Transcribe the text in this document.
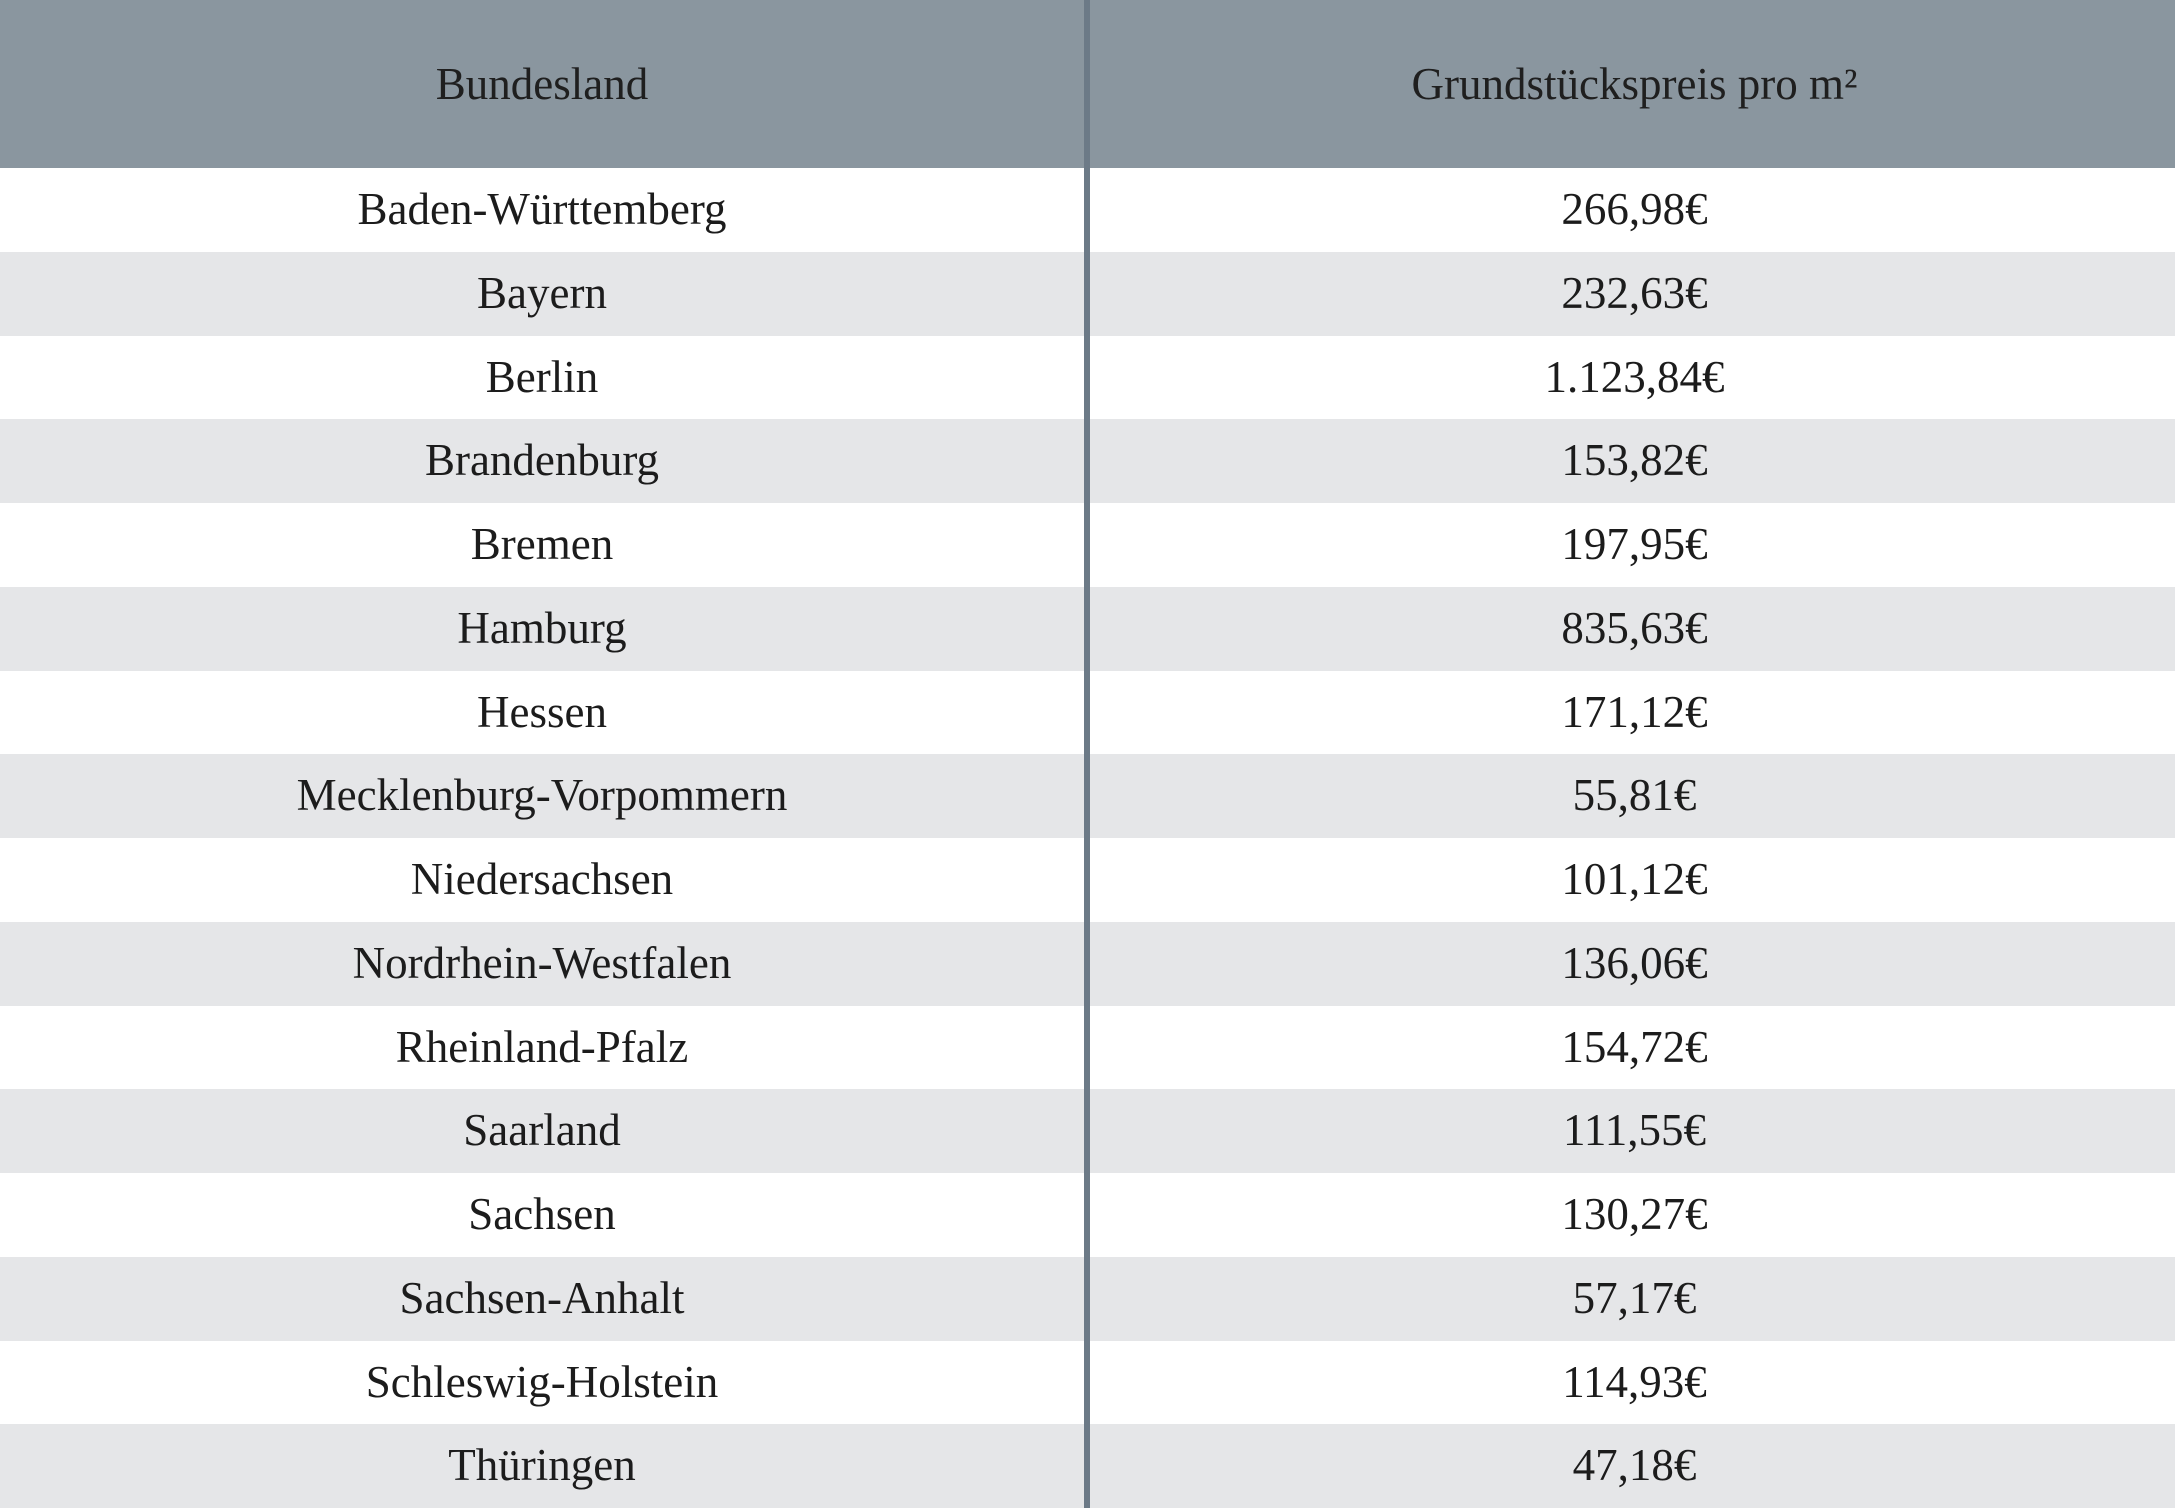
Bundesland	Grundstückspreis pro m²
Baden-Württemberg	266,98€
Bayern	232,63€
Berlin	1.123,84€
Brandenburg	153,82€
Bremen	197,95€
Hamburg	835,63€
Hessen	171,12€
Mecklenburg-Vorpommern	55,81€
Niedersachsen	101,12€
Nordrhein-Westfalen	136,06€
Rheinland-Pfalz	154,72€
Saarland	111,55€
Sachsen	130,27€
Sachsen-Anhalt	57,17€
Schleswig-Holstein	114,93€
Thüringen	47,18€
